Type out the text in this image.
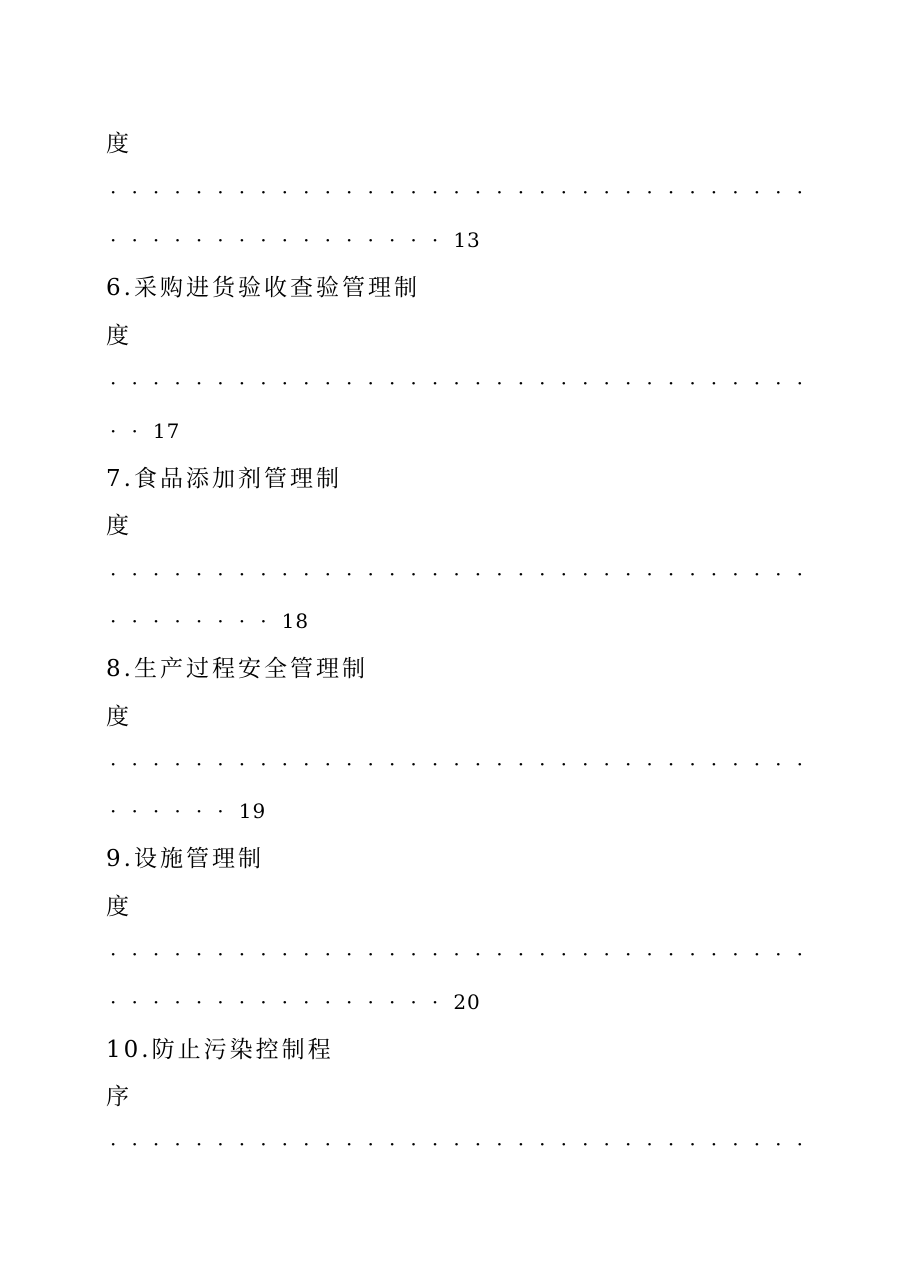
度
·································
················13
6.采购进货验收查验管理制
度
·································
··17
7.食品添加剂管理制
度
·································
········18
8.生产过程安全管理制
度
·································
······19
9.设施管理制
度
·································
················20
10.防止污染控制程
序
·································
